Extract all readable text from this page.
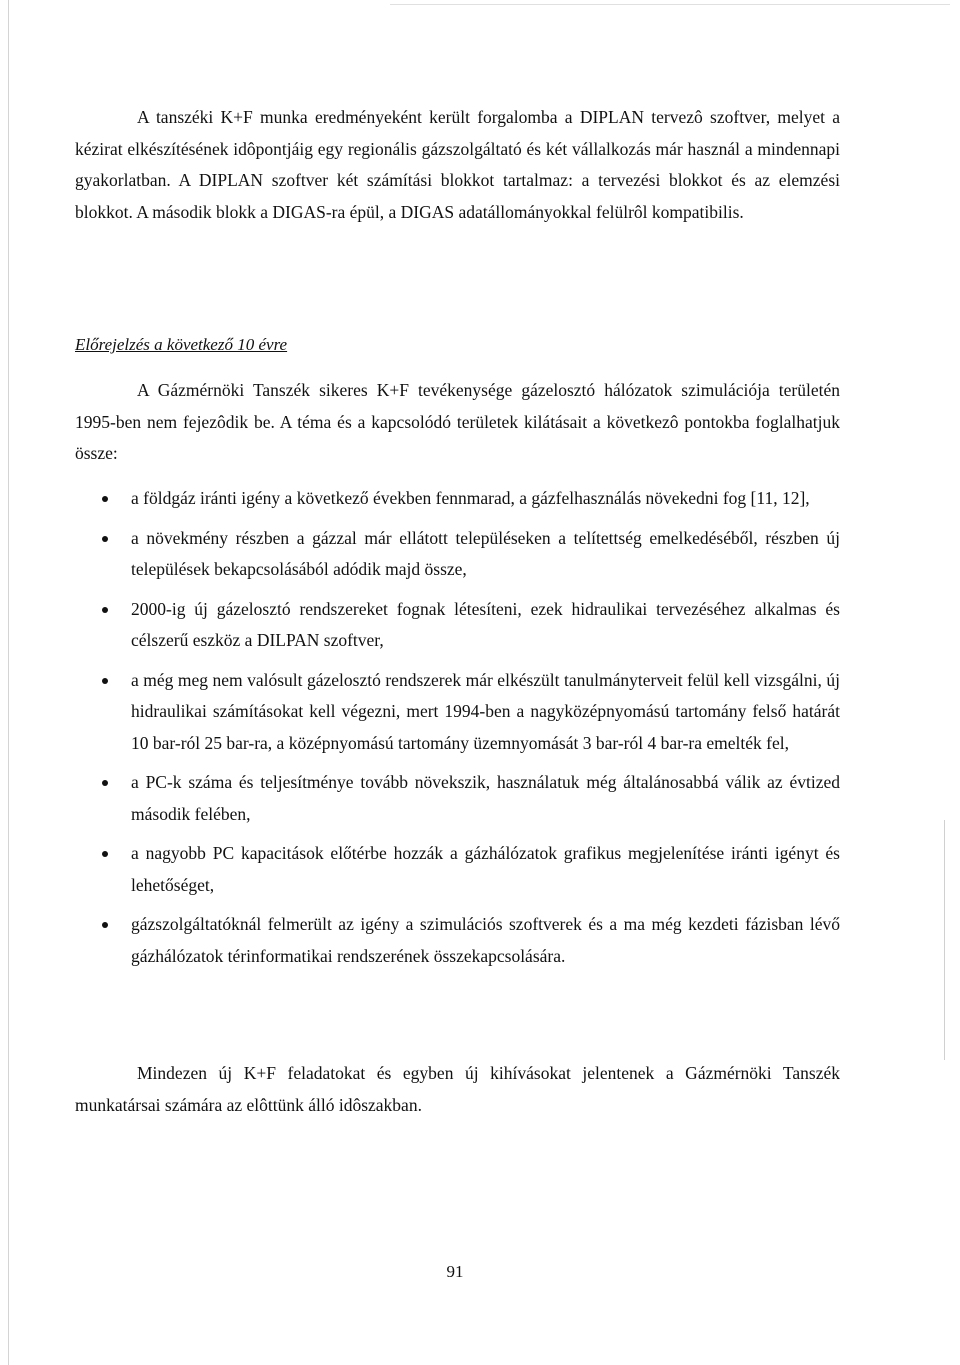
A tanszéki K+F munka eredményeként került forgalomba a DIPLAN tervezô szoftver, melyet a kézirat elkészítésének idôpontjáig egy regionális gázszolgáltató és két vállalkozás már használ a mindennapi gyakorlatban. A DIPLAN szoftver két számítási blokkot tartalmaz: a tervezési blokkot és az elemzési blokkot. A második blokk a DIGAS-ra épül, a DIGAS adatállományokkal felülrôl kompatibilis.

Előrejelzés a következő 10 évre

A Gázmérnöki Tanszék sikeres K+F tevékenysége gázelosztó hálózatok szimulációja területén 1995-ben nem fejezôdik be. A téma és a kapcsolódó területek kilátásait a következô pontokba foglalhatjuk össze:

a földgáz iránti igény a következő években fennmarad, a gázfelhasználás növekedni fog [11, 12],
a növekmény részben a gázzal már ellátott településeken a telítettség emelkedéséből, részben új települések bekapcsolásából adódik majd össze,
2000-ig új gázelosztó rendszereket fognak létesíteni, ezek hidraulikai tervezéséhez alkalmas és célszerű eszköz a DILPAN szoftver,
a még meg nem valósult gázelosztó rendszerek már elkészült tanulmányterveit felül kell vizsgálni, új hidraulikai számításokat kell végezni, mert 1994-ben a nagyközépnyomású tartomány felső határát 10 bar-ról 25 bar-ra, a középnyomású tartomány üzemnyomását 3 bar-ról 4 bar-ra emelték fel,
a PC-k száma és teljesítménye tovább növekszik, használatuk még általánosabbá válik az évtized második felében,
a nagyobb PC kapacitások előtérbe hozzák a gázhálózatok grafikus megjelenítése iránti igényt és lehetőséget,
gázszolgáltatóknál felmerült az igény a szimulációs szoftverek és a ma még kezdeti fázisban lévő gázhálózatok térinformatikai rendszerének összekapcsolására.

Mindezen új K+F feladatokat és egyben új kihívásokat jelentenek a Gázmérnöki Tanszék munkatársai számára az elôttünk álló idôszakban.

91
